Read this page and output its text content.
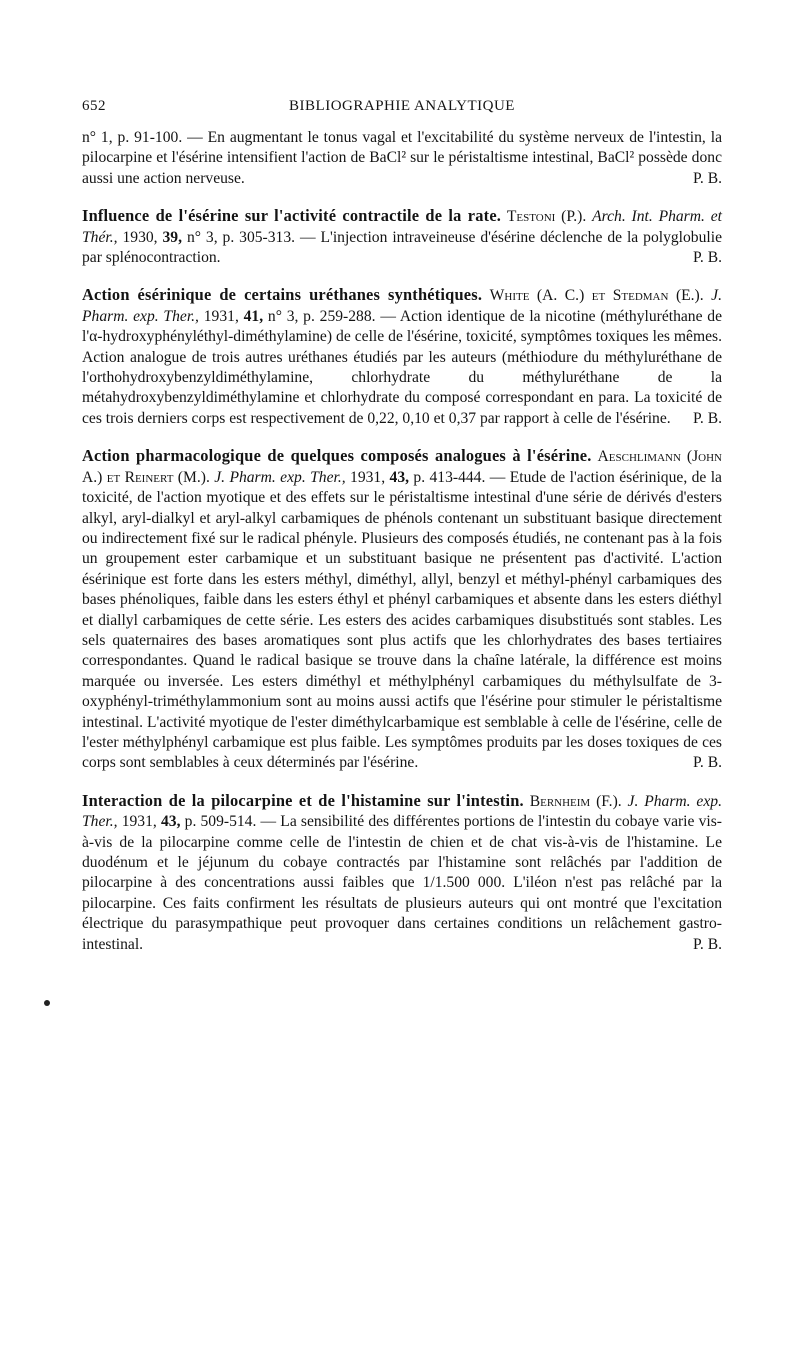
652	BIBLIOGRAPHIE ANALYTIQUE

n° 1, p. 91-100. — En augmentant le tonus vagal et l'excitabilité du système nerveux de l'intestin, la pilocarpine et l'ésérine intensifient l'action de BaCl² sur le péristaltisme intestinal, BaCl² possède donc aussi une action nerveuse.	P. B.

Influence de l'ésérine sur l'activité contractile de la rate. Testoni (P.). Arch. Int. Pharm. et Thér., 1930, 39, n° 3, p. 305-313. — L'injection intraveineuse d'ésérine déclenche de la polyglobulie par splénocontraction.	P. B.

Action ésérinique de certains uréthanes synthétiques. White (A. C.) et Stedman (E.). J. Pharm. exp. Ther., 1931, 41, n° 3, p. 259-288. — Action identique de la nicotine (méthyluréthane de l'α-hydroxyphényléthyl-diméthylamine) de celle de l'ésérine, toxicité, symptômes toxiques les mêmes. Action analogue de trois autres uréthanes étudiés par les auteurs (méthiodure du méthyluréthane de l'orthohydroxybenzyldiméthylamine, chlorhydrate du méthyluréthane de la métahydroxybenzyldiméthylamine et chlorhydrate du composé correspondant en para. La toxicité de ces trois derniers corps est respectivement de 0,22, 0,10 et 0,37 par rapport à celle de l'ésérine. P. B.

Action pharmacologique de quelques composés analogues à l'ésérine. Aeschlimann (John A.) et Reinert (M.). J. Pharm. exp. Ther., 1931, 43, p. 413-444. — Etude de l'action ésérinique, de la toxicité, de l'action myotique et des effets sur le péristaltisme intestinal d'une série de dérivés d'esters alkyl, aryl-dialkyl et aryl-alkyl carbamiques de phénols contenant un substituant basique directement ou indirectement fixé sur le radical phényle. Plusieurs des composés étudiés, ne contenant pas à la fois un groupement ester carbamique et un substituant basique ne présentent pas d'activité. L'action ésérinique est forte dans les esters méthyl, diméthyl, allyl, benzyl et méthyl-phényl carbamiques des bases phénoliques, faible dans les esters éthyl et phényl carbamiques et absente dans les esters diéthyl et diallyl carbamiques de cette série. Les esters des acides carbamiques disubstitués sont stables. Les sels quaternaires des bases aromatiques sont plus actifs que les chlorhydrates des bases tertiaires correspondantes. Quand le radical basique se trouve dans la chaîne latérale, la différence est moins marquée ou inversée. Les esters diméthyl et méthylphényl carbamiques du méthylsulfate de 3-oxyphényl-triméthylammonium sont au moins aussi actifs que l'ésérine pour stimuler le péristaltisme intestinal. L'activité myotique de l'ester diméthylcarbamique est semblable à celle de l'ésérine, celle de l'ester méthylphényl carbamique est plus faible. Les symptômes produits par les doses toxiques de ces corps sont semblables à ceux déterminés par l'ésérine.	P. B.

Interaction de la pilocarpine et de l'histamine sur l'intestin. Bernheim (F.). J. Pharm. exp. Ther., 1931, 43, p. 509-514. — La sensibilité des différentes portions de l'intestin du cobaye varie vis-à-vis de la pilocarpine comme celle de l'intestin de chien et de chat vis-à-vis de l'histamine. Le duodénum et le jéjunum du cobaye contractés par l'histamine sont relâchés par l'addition de pilocarpine à des concentrations aussi faibles que 1/1.500 000. L'iléon n'est pas relâché par la pilocarpine. Ces faits confirment les résultats de plusieurs auteurs qui ont montré que l'excitation électrique du parasympathique peut provoquer dans certaines conditions un relâchement gastro-intestinal.	P. B.
